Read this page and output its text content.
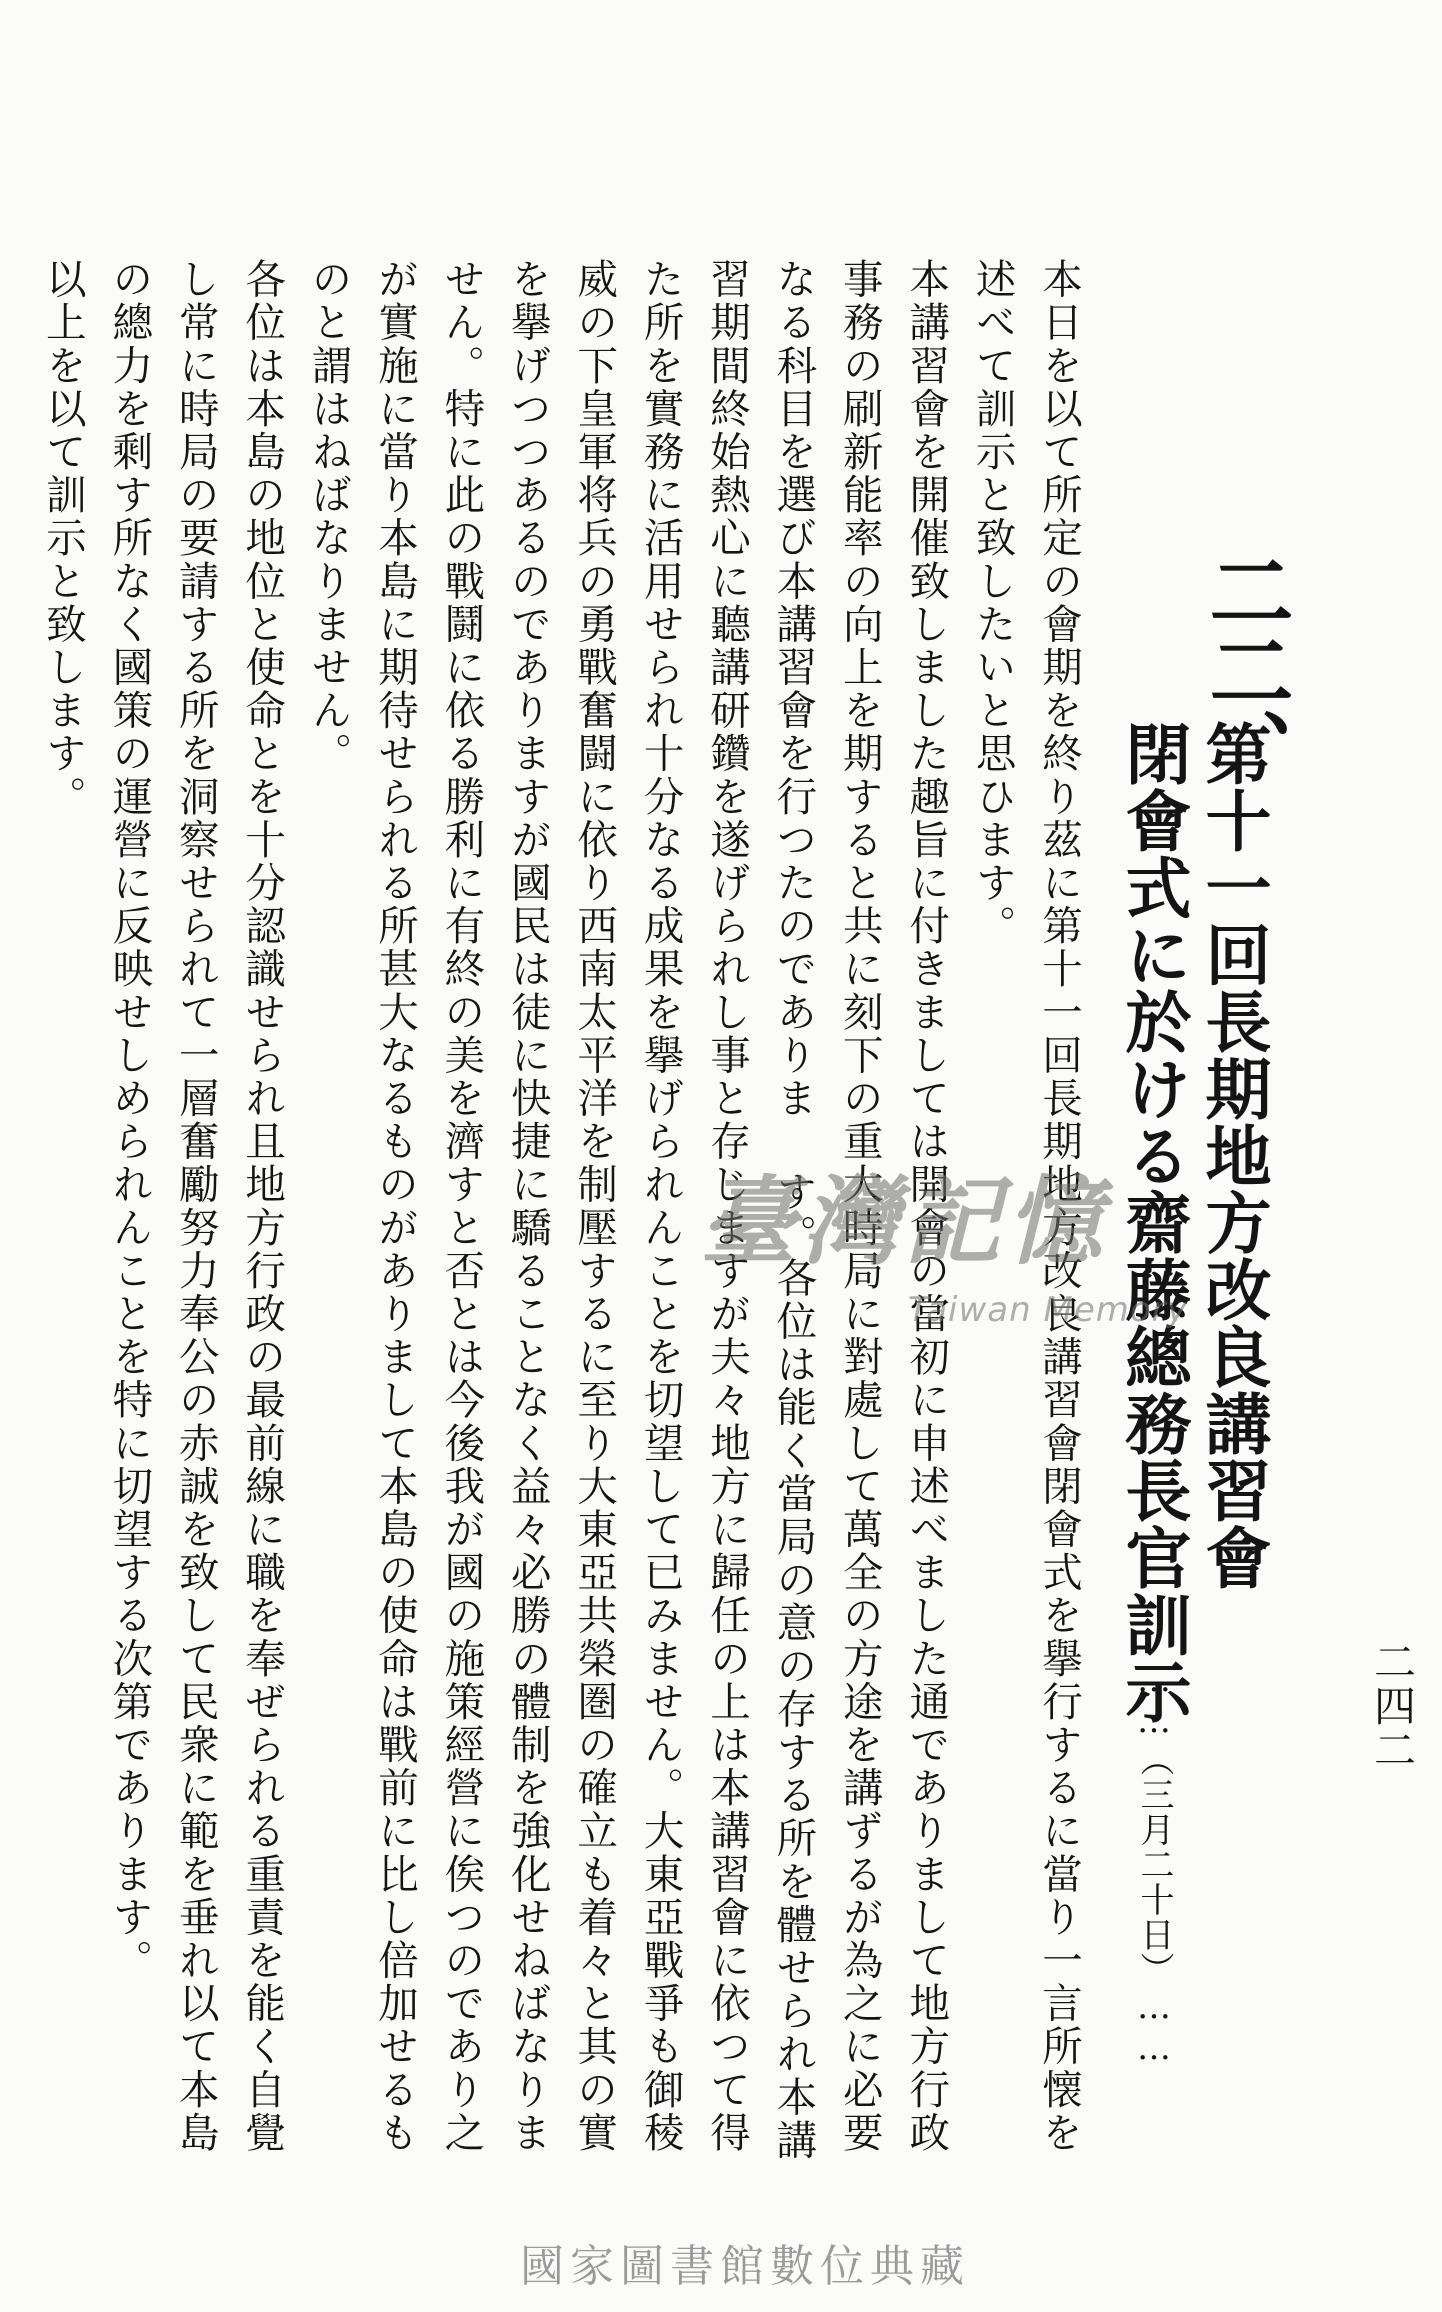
二四二
二二、
第十一回長期地方改良講習會
閉會式に於ける齋藤總務長官訓示
……（三月二十日）……

本日を以て所定の會期を終り茲に第十一回長期地方改良講習會閉會式を擧行するに當り一言所懐を述べて訓示と致したいと思ひます。

本講習會を開催致しました趣旨に付きましては開會の當初に申述べました通でありまして地方行政事務の刷新能率の向上を期すると共に刻下の重大時局に對處して萬全の方途を講ずるが為之に必要なる科目を選び本講習會を行つたのでありま す。各位は能く當局の意の存する所を體せられ本講習期間終始熱心に聽講研鑽を遂げられし事と存じますが夫々地方に歸任の上は本講習會に依つて得た所を實務に活用せられ十分なる成果を擧げられんことを切望して已みません。大東亞戰爭も御稜威の下皇軍将兵の勇戰奮闘に依り西南太平洋を制壓するに至り大東亞共榮圏の確立も着々と其の實を擧げつつあるのでありますが國民は徒に快捷に驕ることなく益々必勝の體制を強化せねばなりません。特に此の戰鬪に依る勝利に有終の美を濟すと否とは今後我が國の施策經營に俟つのであり之が實施に當り本島に期待せられる所甚大なるものがありまして本島の使命は戰前に比し倍加せるものと謂はねばなりません。

各位は本島の地位と使命とを十分認識せられ且地方行政の最前線に職を奉ぜられる重責を能く自覺し常に時局の要請する所を洞察せられて一層奮勵努力奉公の赤誠を致して民衆に範を垂れ以て本島の總力を剩す所なく國策の運營に反映せしめられんことを特に切望する次第であります。

以上を以て訓示と致します。

臺灣記憶
Taiwan Memory
國家圖書館數位典藏
